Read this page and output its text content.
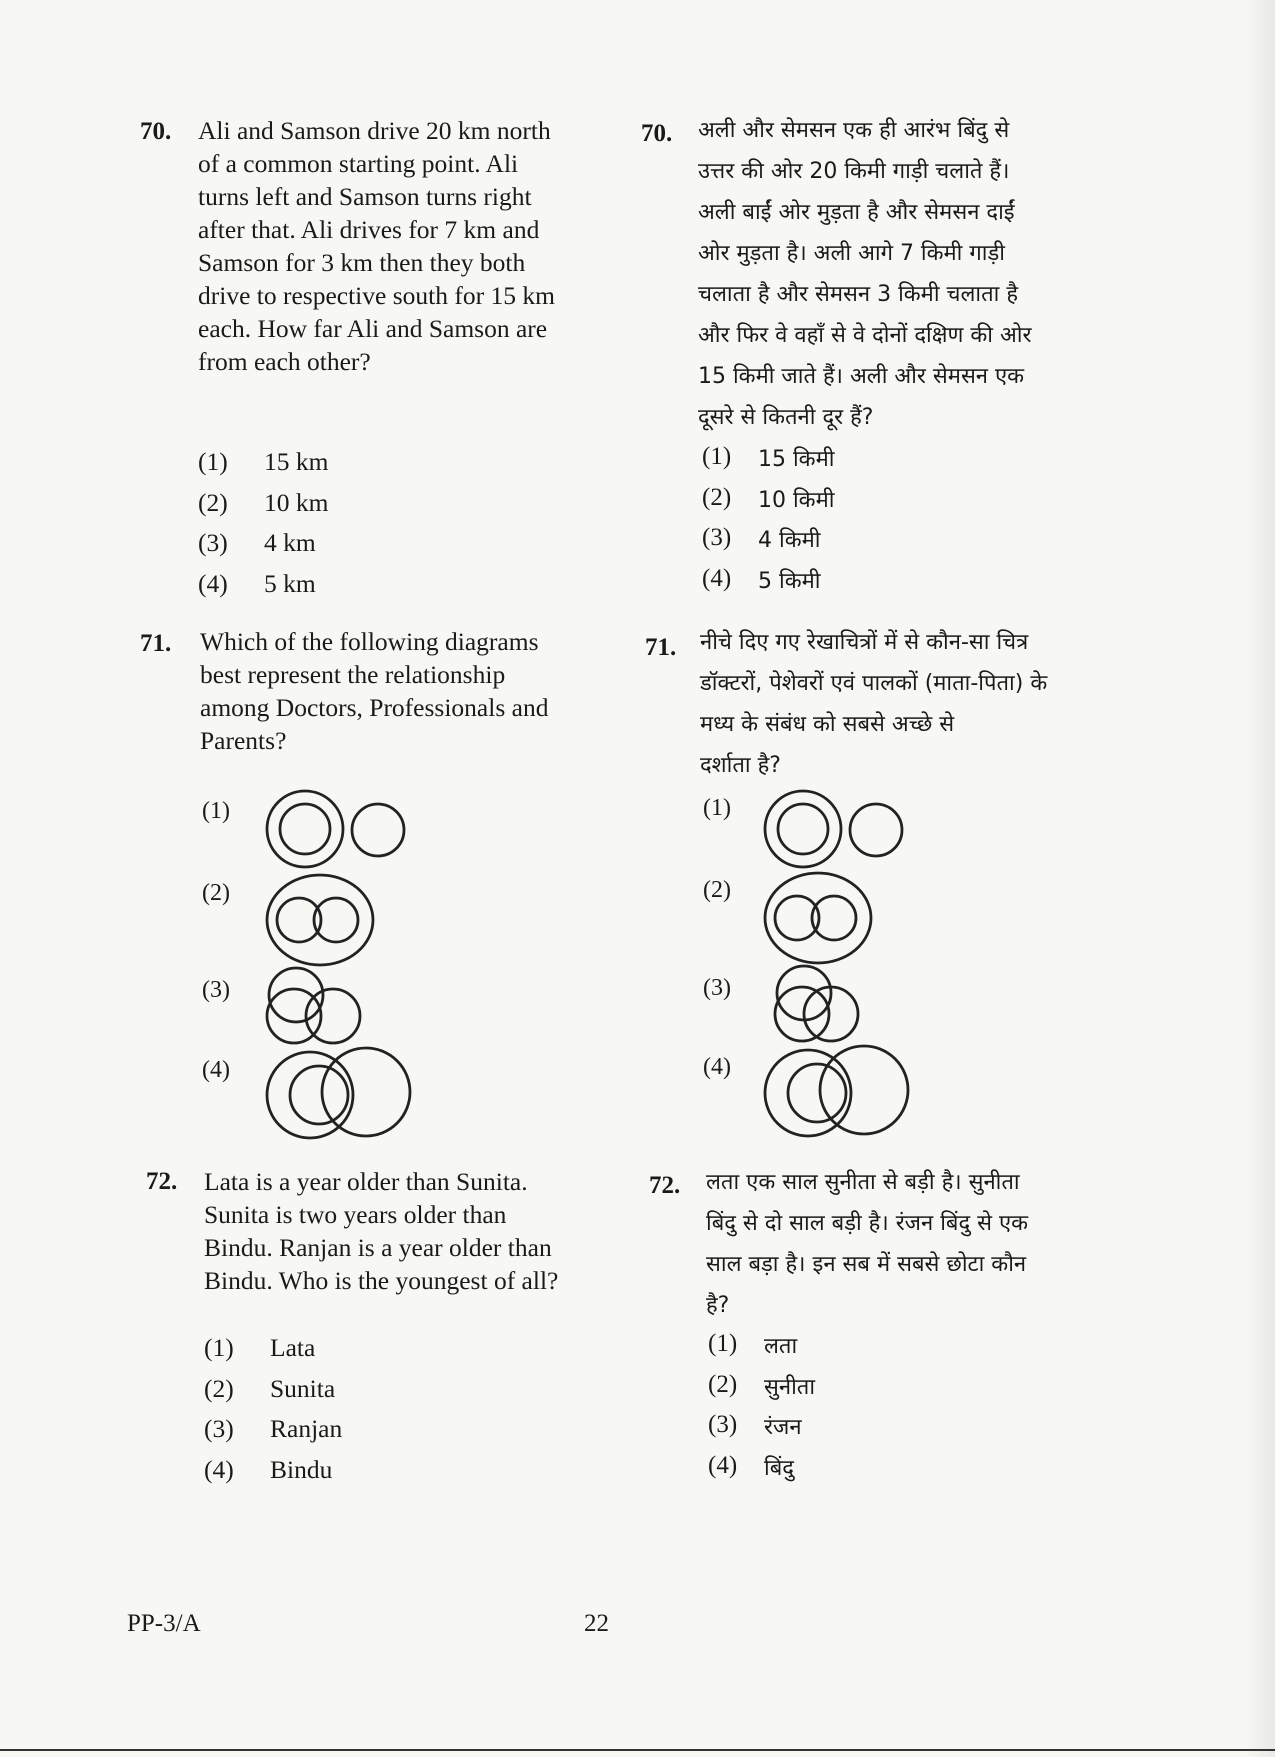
70. Ali and Samson drive 20 km north
of a common starting point. Ali
turns left and Samson turns right
after that. Ali drives for 7 km and
Samson for 3 km then they both
drive to respective south for 15 km
each. How far Ali and Samson are
from each other?
(1)	15 km
(2)	10 km
(3)	4 km
(4)	5 km
70. अली और सेमसन एक ही आरंभ बिंदु से
उत्तर की ओर 20 किमी गाड़ी चलाते हैं।
अली बाईं ओर मुड़ता है और सेमसन दाईं
ओर मुड़ता है। अली आगे 7 किमी गाड़ी
चलाता है और सेमसन 3 किमी चलाता है
और फिर वे वहाँ से वे दोनों दक्षिण की ओर
15 किमी जाते हैं। अली और सेमसन एक
दूसरे से कितनी दूर हैं?
(1)	15 किमी
(2)	10 किमी
(3)	4 किमी
(4)	5 किमी
71. Which of the following diagrams
best represent the relationship
among Doctors, Professionals and
Parents?
71. नीचे दिए गए रेखाचित्रों में से कौन-सा चित्र
डॉक्टरों, पेशेवरों एवं पालकों (माता-पिता) के
मध्य के संबंध को सबसे अच्छे से
दर्शाता है?
(1)
(2)
(3)
(4)
(1)
(2)
(3)
(4)
72. Lata is a year older than Sunita.
Sunita is two years older than
Bindu. Ranjan is a year older than
Bindu. Who is the youngest of all?
(1)	Lata
(2)	Sunita
(3)	Ranjan
(4)	Bindu
72. लता एक साल सुनीता से बड़ी है। सुनीता
बिंदु से दो साल बड़ी है। रंजन बिंदु से एक
साल बड़ा है। इन सब में सबसे छोटा कौन
है?
(1)	लता
(2)	सुनीता
(3)	रंजन
(4)	बिंदु
PP-3/A	22
